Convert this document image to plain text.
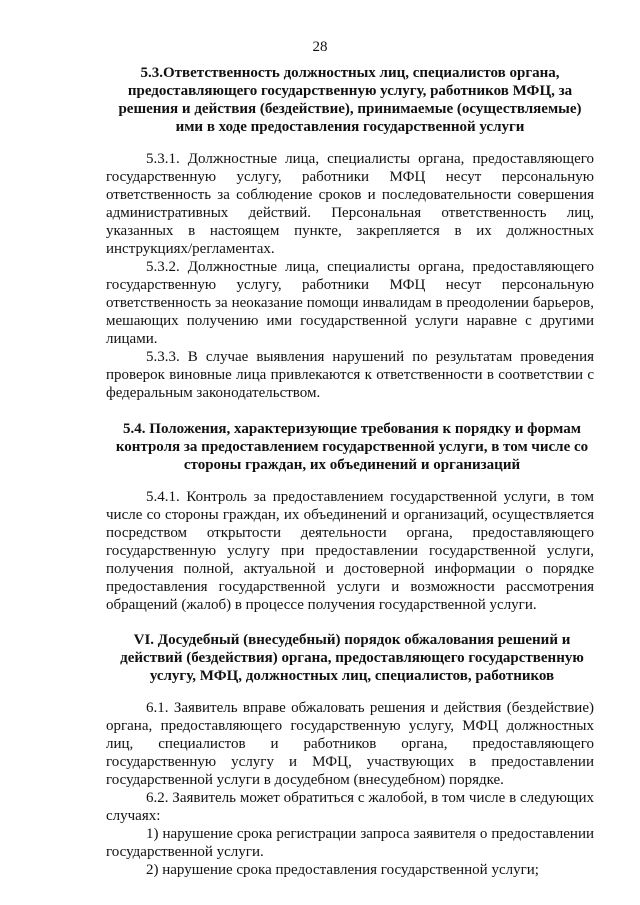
28

5.3.Ответственность должностных лиц, специалистов органа, предоставляющего государственную услугу, работников МФЦ, за решения и действия (бездействие), принимаемые (осуществляемые) ими в ходе предоставления государственной услуги

5.3.1. Должностные лица, специалисты органа, предоставляющего государственную услугу, работники МФЦ несут персональную ответственность за соблюдение сроков и последовательности совершения административных действий. Персональная ответственность лиц, указанных в настоящем пункте, закрепляется в их должностных инструкциях/регламентах.

5.3.2. Должностные лица, специалисты органа, предоставляющего государственную услугу, работники МФЦ несут персональную ответственность за неоказание помощи инвалидам в преодолении барьеров, мешающих получению ими государственной услуги наравне с другими лицами.

5.3.3. В случае выявления нарушений по результатам проведения проверок виновные лица привлекаются к ответственности в соответствии с федеральным законодательством.

5.4. Положения, характеризующие требования к порядку и формам контроля за предоставлением государственной услуги, в том числе со стороны граждан, их объединений и организаций

5.4.1. Контроль за предоставлением государственной услуги, в том числе со стороны граждан, их объединений и организаций, осуществляется посредством открытости деятельности органа, предоставляющего государственную услугу при предоставлении государственной услуги, получения полной, актуальной и достоверной информации о порядке предоставления государственной услуги и возможности рассмотрения обращений (жалоб) в процессе получения государственной услуги.

VI. Досудебный (внесудебный) порядок обжалования решений и действий (бездействия) органа, предоставляющего государственную услугу, МФЦ, должностных лиц, специалистов, работников

6.1. Заявитель вправе обжаловать решения и действия (бездействие) органа, предоставляющего государственную услугу, МФЦ должностных лиц, специалистов и работников органа, предоставляющего государственную услугу и МФЦ, участвующих в предоставлении государственной услуги в досудебном (внесудебном) порядке.

6.2. Заявитель может обратиться с жалобой, в том числе в следующих случаях:

1) нарушение срока регистрации запроса заявителя о предоставлении государственной услуги.

2) нарушение срока предоставления государственной услуги;
